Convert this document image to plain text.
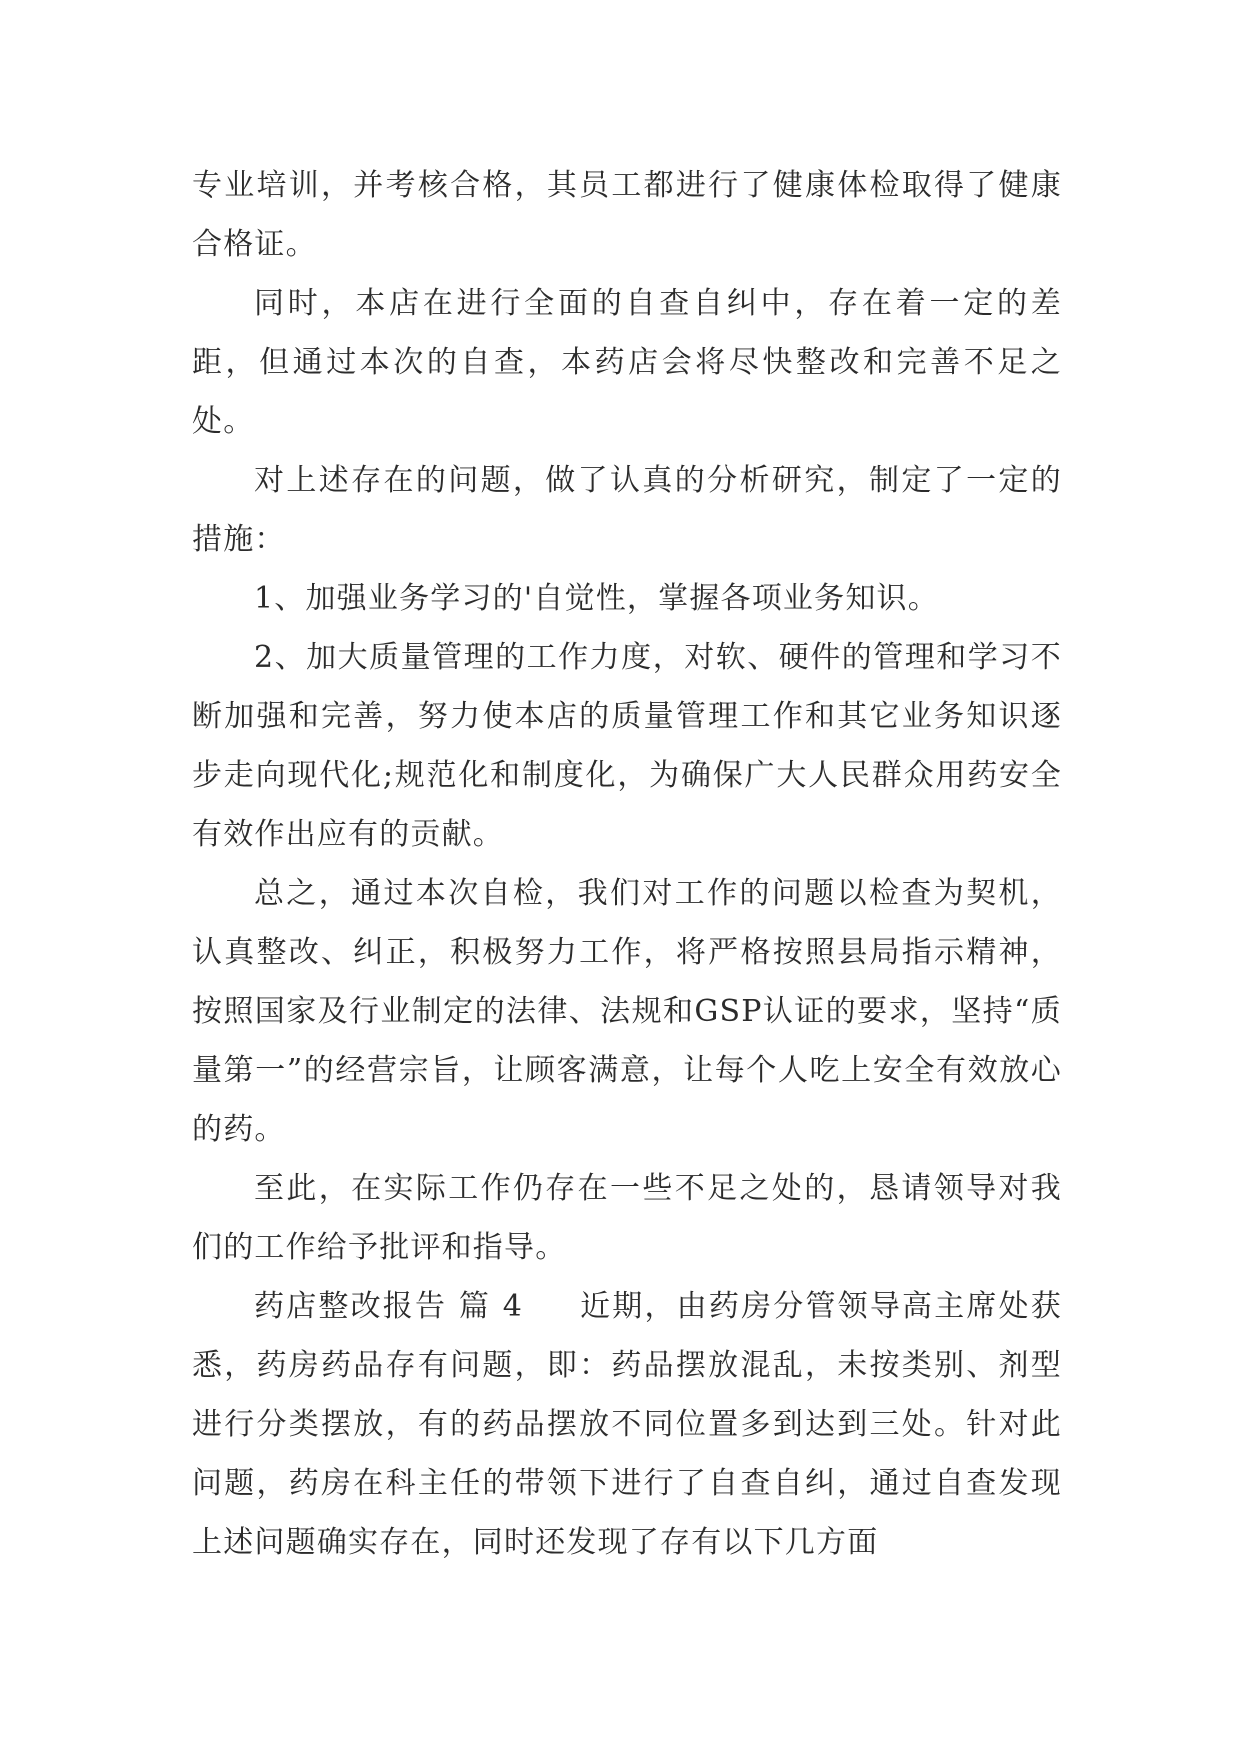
专业培训，并考核合格，其员工都进行了健康体检取得了健康合格证。

同时，本店在进行全面的自查自纠中，存在着一定的差距，但通过本次的自查，本药店会将尽快整改和完善不足之处。

对上述存在的问题，做了认真的分析研究，制定了一定的措施：

1、加强业务学习的'自觉性，掌握各项业务知识。

2、加大质量管理的工作力度，对软、硬件的管理和学习不断加强和完善，努力使本店的质量管理工作和其它业务知识逐步走向现代化;规范化和制度化，为确保广大人民群众用药安全有效作出应有的贡献。

总之，通过本次自检，我们对工作的问题以检查为契机，认真整改、纠正，积极努力工作，将严格按照县局指示精神，按照国家及行业制定的法律、法规和GSP认证的要求，坚持“质量第一”的经营宗旨，让顾客满意，让每个人吃上安全有效放心的药。

至此，在实际工作仍存在一些不足之处的，恳请领导对我们的工作给予批评和指导。

药店整改报告 篇 4 近期，由药房分管领导高主席处获悉，药房药品存有问题，即：药品摆放混乱，未按类别、剂型进行分类摆放，有的药品摆放不同位置多到达到三处。针对此问题，药房在科主任的带领下进行了自查自纠，通过自查发现上述问题确实存在，同时还发现了存有以下几方面
